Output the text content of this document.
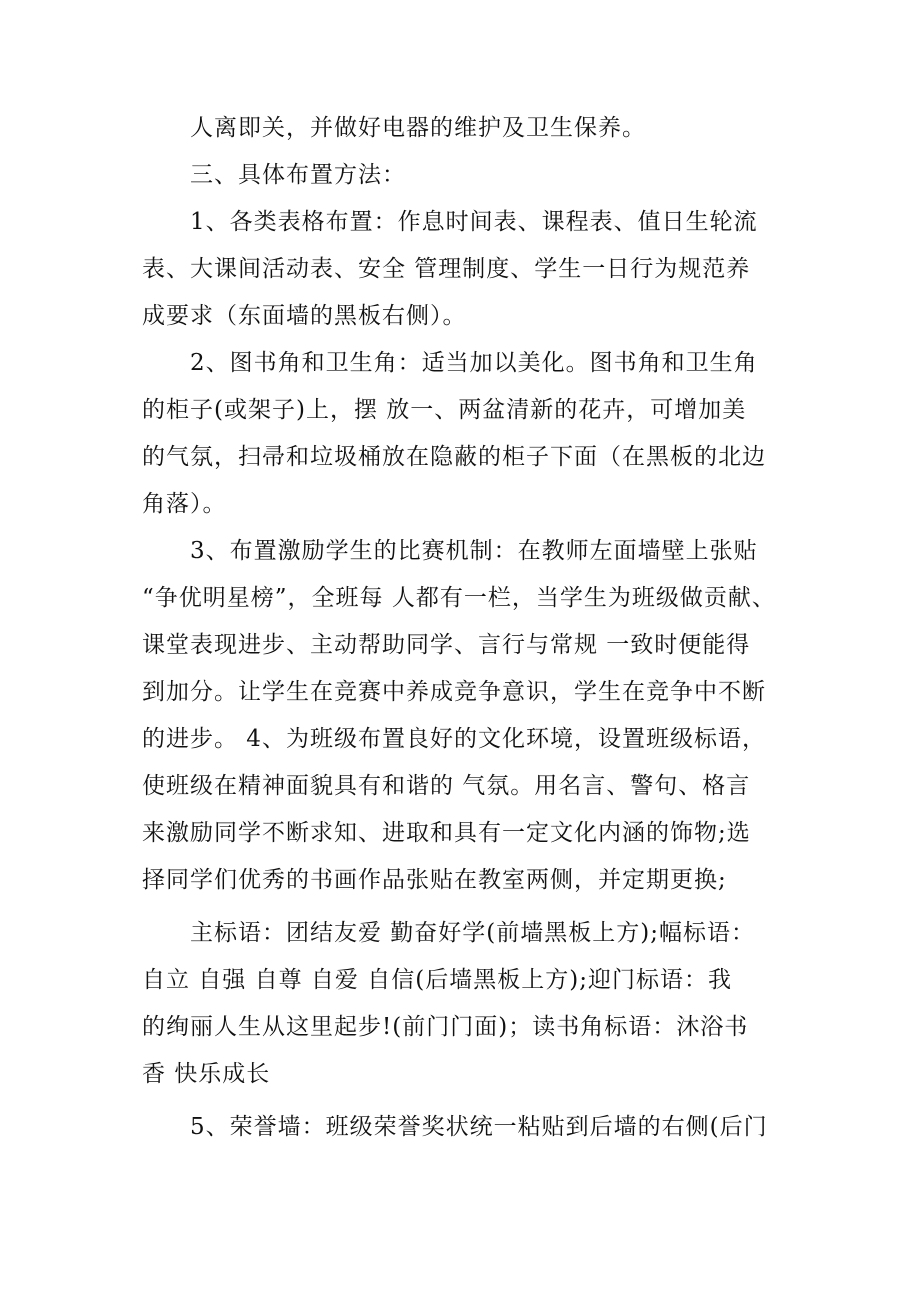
　　人离即关，并做好电器的维护及卫生保养。
　　三、具体布置方法：
　　1、各类表格布置：作息时间表、课程表、值日生轮流
表、大课间活动表、安全 管理制度、学生一日行为规范养
成要求（东面墙的黑板右侧）。
　　2、图书角和卫生角：适当加以美化。图书角和卫生角
的柜子(或架子)上，摆 放一、两盆清新的花卉，可增加美
的气氛，扫帚和垃圾桶放在隐蔽的柜子下面（在黑板的北边
角落）。
　　3、布置激励学生的比赛机制：在教师左面墙壁上张贴
“争优明星榜”，全班每 人都有一栏，当学生为班级做贡献、
课堂表现进步、主动帮助同学、言行与常规 一致时便能得
到加分。让学生在竞赛中养成竞争意识，学生在竞争中不断
的进步。 4、为班级布置良好的文化环境，设置班级标语，
使班级在精神面貌具有和谐的 气氛。用名言、警句、格言
来激励同学不断求知、进取和具有一定文化内涵的饰物;选
择同学们优秀的书画作品张贴在教室两侧，并定期更换;
　　主标语：团结友爱 勤奋好学(前墙黑板上方);幅标语：
自立 自强 自尊 自爱 自信(后墙黑板上方);迎门标语：我
的绚丽人生从这里起步!(前门门面)；读书角标语：沐浴书
香 快乐成长
　　5、荣誉墙：班级荣誉奖状统一粘贴到后墙的右侧(后门
